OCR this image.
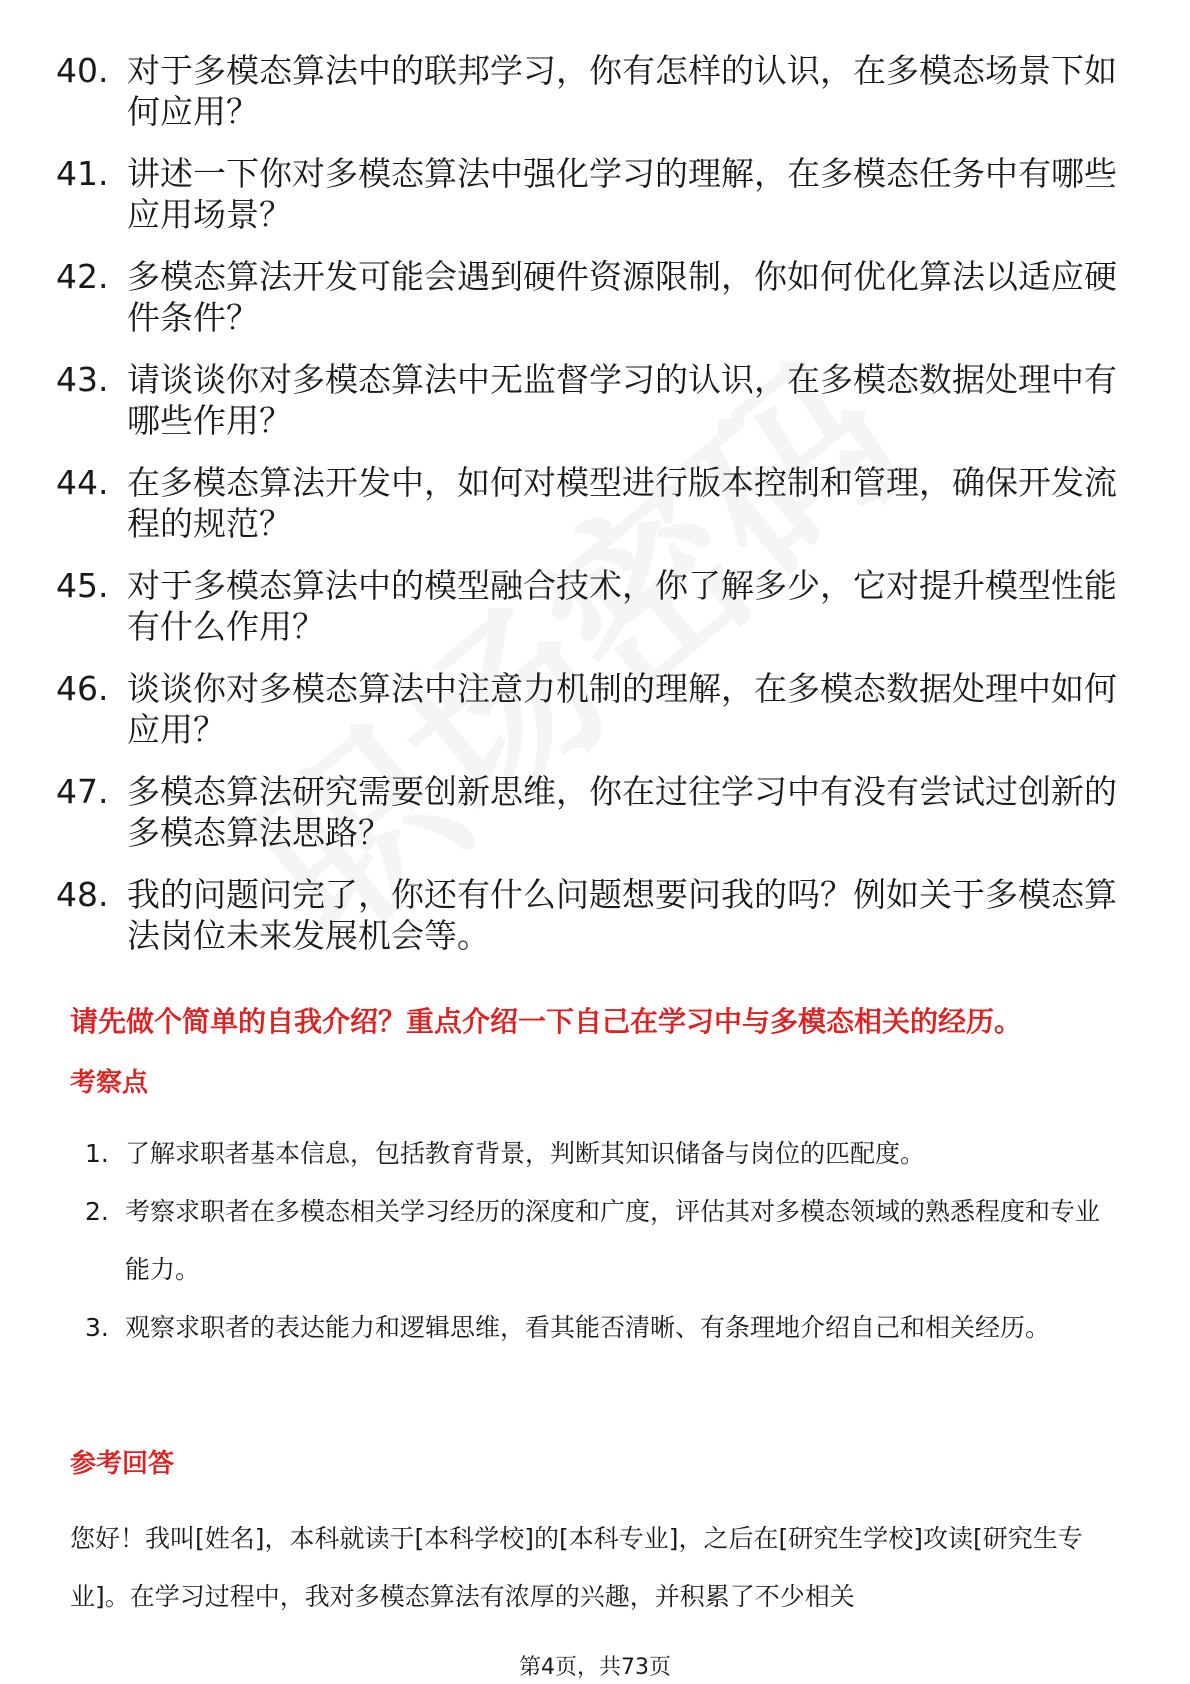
40. 对于多模态算法中的联邦学习，你有怎样的认识，在多模态场景下如何应用？
41. 讲述一下你对多模态算法中强化学习的理解，在多模态任务中有哪些应用场景？
42. 多模态算法开发可能会遇到硬件资源限制，你如何优化算法以适应硬件条件？
43. 请谈谈你对多模态算法中无监督学习的认识，在多模态数据处理中有哪些作用？
44. 在多模态算法开发中，如何对模型进行版本控制和管理，确保开发流程的规范？
45. 对于多模态算法中的模型融合技术，你了解多少，它对提升模型性能有什么作用？
46. 谈谈你对多模态算法中注意力机制的理解，在多模态数据处理中如何应用？
47. 多模态算法研究需要创新思维，你在过往学习中有没有尝试过创新的多模态算法思路？
48. 我的问题问完了，你还有什么问题想要问我的吗？例如关于多模态算法岗位未来发展机会等。
请先做个简单的自我介绍？重点介绍一下自己在学习中与多模态相关的经历。
考察点
1. 了解求职者基本信息，包括教育背景，判断其知识储备与岗位的匹配度。
2. 考察求职者在多模态相关学习经历的深度和广度，评估其对多模态领域的熟悉程度和专业能力。
3. 观察求职者的表达能力和逻辑思维，看其能否清晰、有条理地介绍自己和相关经历。
参考回答

您好！我叫[姓名]，本科就读于[本科学校]的[本科专业]，之后在[研究生学校]攻读[研究生专业]。在学习过程中，我对多模态算法有浓厚的兴趣，并积累了不少相关

第4页，共73页
